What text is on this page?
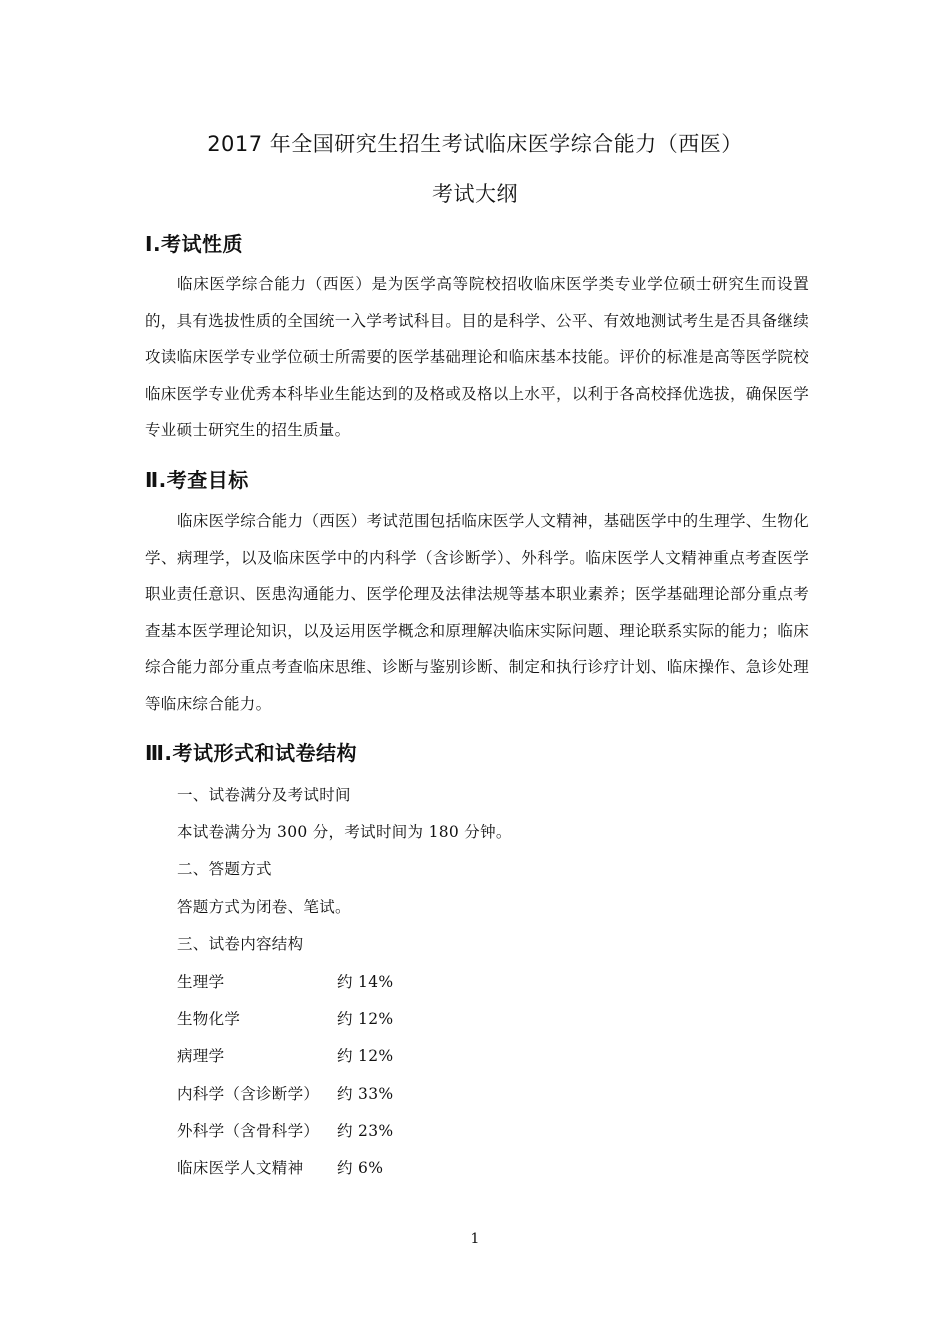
2017 年全国研究生招生考试临床医学综合能力（西医）
考试大纲
Ⅰ.考试性质
临床医学综合能力（西医）是为医学高等院校招收临床医学类专业学位硕士研究生而设置的，具有选拔性质的全国统一入学考试科目。目的是科学、公平、有效地测试考生是否具备继续攻读临床医学专业学位硕士所需要的医学基础理论和临床基本技能。评价的标准是高等医学院校临床医学专业优秀本科毕业生能达到的及格或及格以上水平，以利于各高校择优选拔，确保医学专业硕士研究生的招生质量。
Ⅱ.考查目标
临床医学综合能力（西医）考试范围包括临床医学人文精神，基础医学中的生理学、生物化学、病理学，以及临床医学中的内科学（含诊断学）、外科学。临床医学人文精神重点考查医学职业责任意识、医患沟通能力、医学伦理及法律法规等基本职业素养；医学基础理论部分重点考查基本医学理论知识，以及运用医学概念和原理解决临床实际问题、理论联系实际的能力；临床综合能力部分重点考查临床思维、诊断与鉴别诊断、制定和执行诊疗计划、临床操作、急诊处理等临床综合能力。
Ⅲ.考试形式和试卷结构
一、试卷满分及考试时间
本试卷满分为 300 分，考试时间为 180 分钟。
二、答题方式
答题方式为闭卷、笔试。
三、试卷内容结构
生理学	约 14%
生物化学	约 12%
病理学	约 12%
内科学（含诊断学） 约 33%
外科学（含骨科学） 约 23%
临床医学人文精神 约 6%
1
